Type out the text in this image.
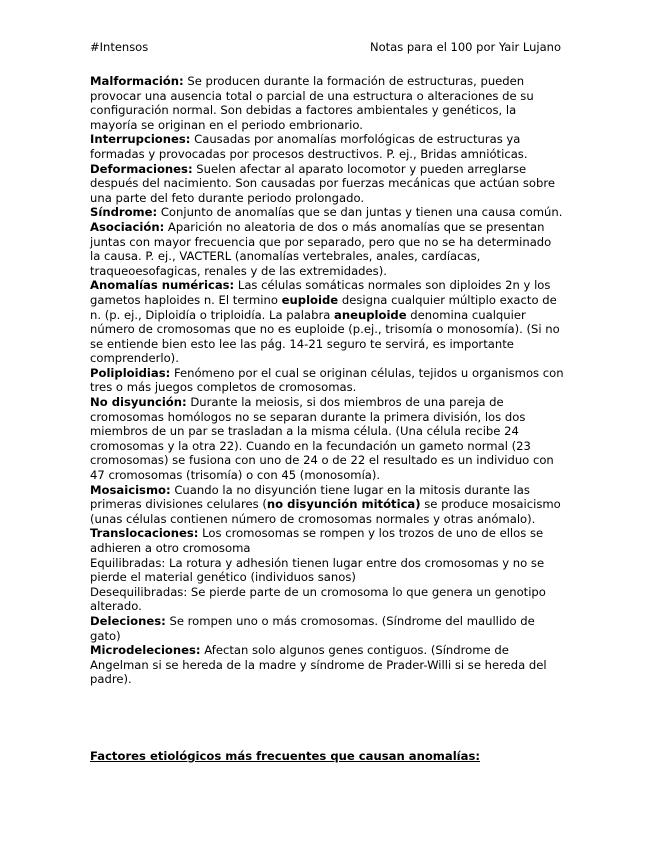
#Intensos	Notas para el 100 por Yair Lujano

Malformación: Se producen durante la formación de estructuras, pueden provocar una ausencia total o parcial de una estructura o alteraciones de su configuración normal. Son debidas a factores ambientales y genéticos, la mayoría se originan en el periodo embrionario.

Interrupciones: Causadas por anomalías morfológicas de estructuras ya formadas y provocadas por procesos destructivos. P. ej., Bridas amnióticas.

Deformaciones: Suelen afectar al aparato locomotor y pueden arreglarse después del nacimiento. Son causadas por fuerzas mecánicas que actúan sobre una parte del feto durante periodo prolongado.

Síndrome: Conjunto de anomalías que se dan juntas y tienen una causa común.

Asociación: Aparición no aleatoria de dos o más anomalías que se presentan juntas con mayor frecuencia que por separado, pero que no se ha determinado la causa. P. ej., VACTERL (anomalías vertebrales, anales, cardíacas, traqueoesofagicas, renales y de las extremidades).

Anomalías numéricas: Las células somáticas normales son diploides 2n y los gametos haploides n. El termino euploide designa cualquier múltiplo exacto de n. (p. ej., Diploidía o triploidía. La palabra aneuploide denomina cualquier número de cromosomas que no es euploide (p.ej., trisomía o monosomía). (Si no se entiende bien esto lee las pág. 14-21 seguro te servirá, es importante comprenderlo).

Poliploidias: Fenómeno por el cual se originan células, tejidos u organismos con tres o más juegos completos de cromosomas.

No disyunción: Durante la meiosis, si dos miembros de una pareja de cromosomas homólogos no se separan durante la primera división, los dos miembros de un par se trasladan a la misma célula. (Una célula recibe 24 cromosomas y la otra 22). Cuando en la fecundación un gameto normal (23 cromosomas) se fusiona con uno de 24 o de 22 el resultado es un individuo con 47 cromosomas (trisomía) o con 45 (monosomía).

Mosaicismo: Cuando la no disyunción tiene lugar en la mitosis durante las primeras divisiones celulares (no disyunción mitótica) se produce mosaicismo (unas células contienen número de cromosomas normales y otras anómalo).

Translocaciones: Los cromosomas se rompen y los trozos de uno de ellos se adhieren a otro cromosoma

Equilibradas: La rotura y adhesión tienen lugar entre dos cromosomas y no se pierde el material genético (individuos sanos)

Desequilibradas: Se pierde parte de un cromosoma lo que genera un genotipo alterado.

Deleciones: Se rompen uno o más cromosomas. (Síndrome del maullido de gato)

Microdeleciones: Afectan solo algunos genes contiguos. (Síndrome de Angelman si se hereda de la madre y síndrome de Prader-Willi si se hereda del padre).

Factores etiológicos más frecuentes que causan anomalías:
